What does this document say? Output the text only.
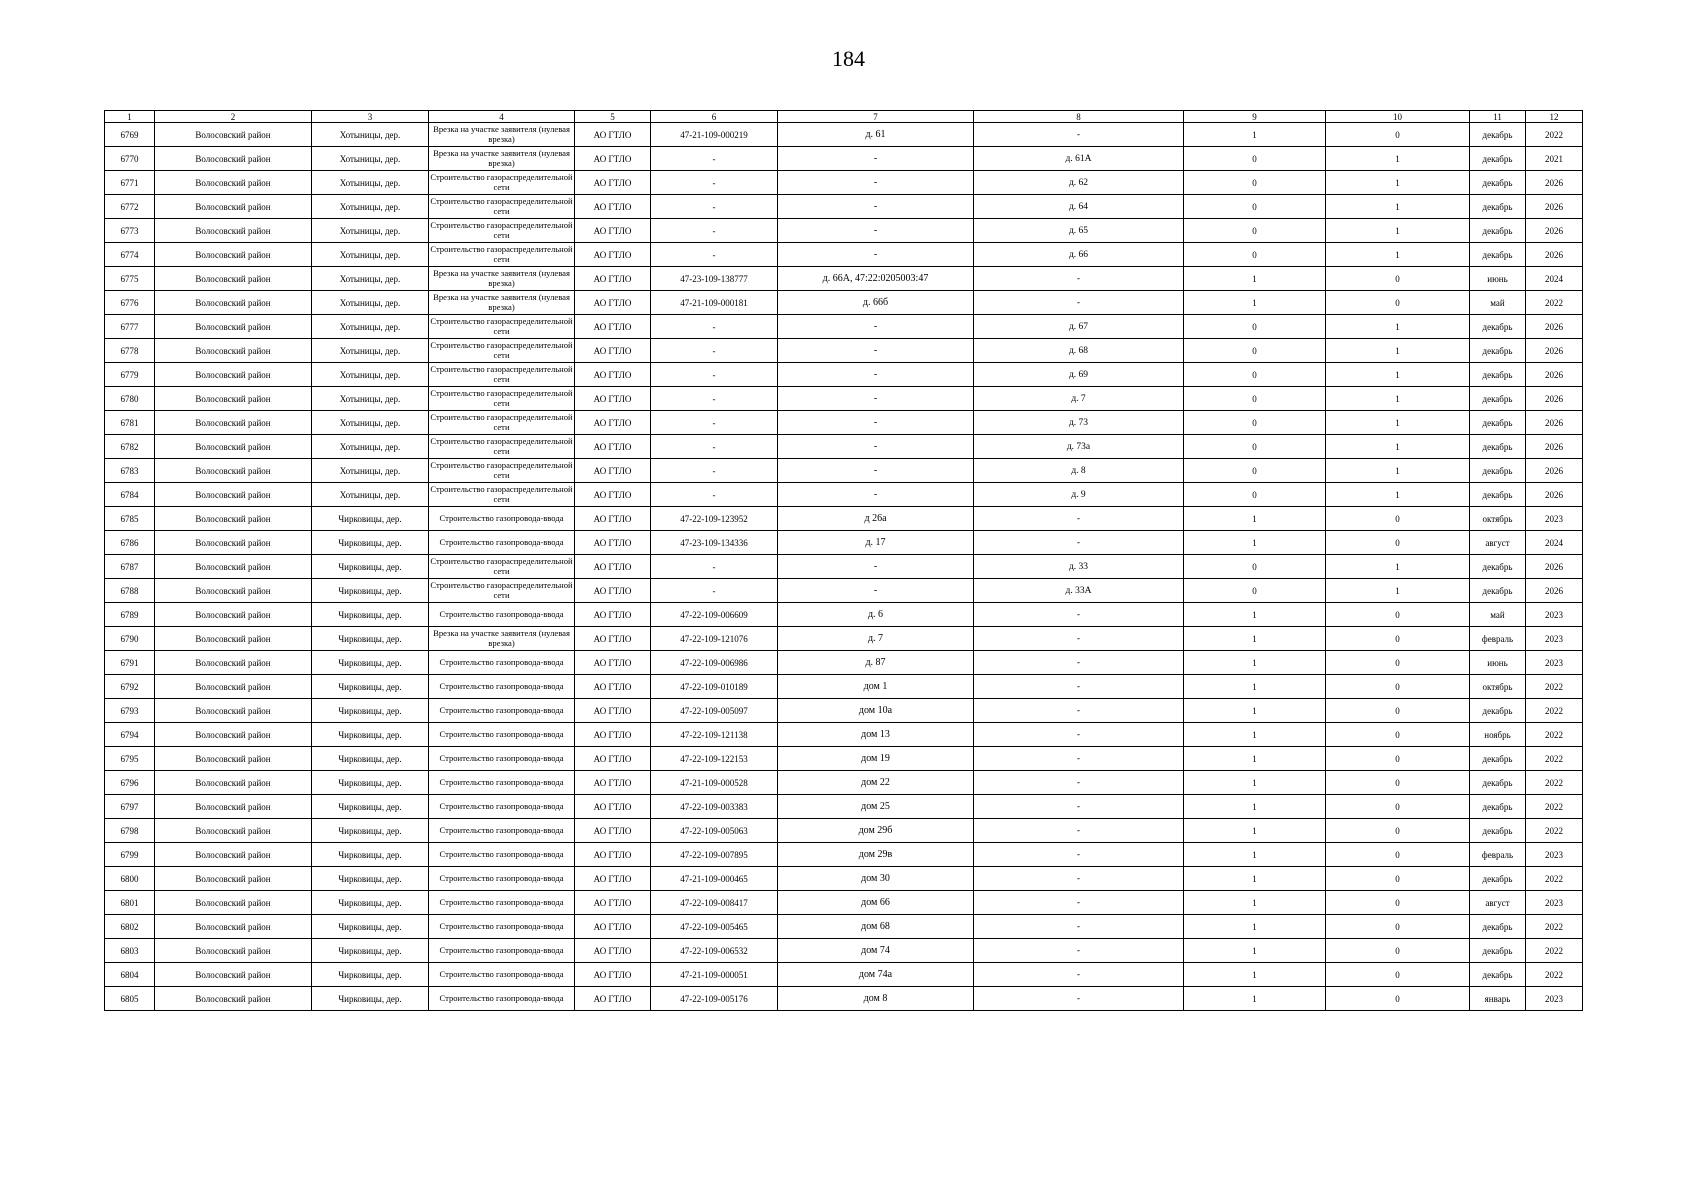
184
1	2	3	4	5	6	7	8	9	10	11	12
6769	Волосовский район	Хотыницы, дер.	Врезка на участке заявителя (нулевая врезка)	АО ГТЛО	47-21-109-000219	д. 61	-	1	0	декабрь	2022
6770	Волосовский район	Хотыницы, дер.	Врезка на участке заявителя (нулевая врезка)	АО ГТЛО	-	-	д. 61А	0	1	декабрь	2021
6771	Волосовский район	Хотыницы, дер.	Строительство газораспределительной сети	АО ГТЛО	-	-	д. 62	0	1	декабрь	2026
6772	Волосовский район	Хотыницы, дер.	Строительство газораспределительной сети	АО ГТЛО	-	-	д. 64	0	1	декабрь	2026
6773	Волосовский район	Хотыницы, дер.	Строительство газораспределительной сети	АО ГТЛО	-	-	д. 65	0	1	декабрь	2026
6774	Волосовский район	Хотыницы, дер.	Строительство газораспределительной сети	АО ГТЛО	-	-	д. 66	0	1	декабрь	2026
6775	Волосовский район	Хотыницы, дер.	Врезка на участке заявителя (нулевая врезка)	АО ГТЛО	47-23-109-138777	д. 66А, 47:22:0205003:47	-	1	0	июнь	2024
6776	Волосовский район	Хотыницы, дер.	Врезка на участке заявителя (нулевая врезка)	АО ГТЛО	47-21-109-000181	д. 66б	-	1	0	май	2022
6777	Волосовский район	Хотыницы, дер.	Строительство газораспределительной сети	АО ГТЛО	-	-	д. 67	0	1	декабрь	2026
6778	Волосовский район	Хотыницы, дер.	Строительство газораспределительной сети	АО ГТЛО	-	-	д. 68	0	1	декабрь	2026
6779	Волосовский район	Хотыницы, дер.	Строительство газораспределительной сети	АО ГТЛО	-	-	д. 69	0	1	декабрь	2026
6780	Волосовский район	Хотыницы, дер.	Строительство газораспределительной сети	АО ГТЛО	-	-	д. 7	0	1	декабрь	2026
6781	Волосовский район	Хотыницы, дер.	Строительство газораспределительной сети	АО ГТЛО	-	-	д. 73	0	1	декабрь	2026
6782	Волосовский район	Хотыницы, дер.	Строительство газораспределительной сети	АО ГТЛО	-	-	д. 73а	0	1	декабрь	2026
6783	Волосовский район	Хотыницы, дер.	Строительство газораспределительной сети	АО ГТЛО	-	-	д. 8	0	1	декабрь	2026
6784	Волосовский район	Хотыницы, дер.	Строительство газораспределительной сети	АО ГТЛО	-	-	д. 9	0	1	декабрь	2026
6785	Волосовский район	Чирковицы, дер.	Строительство газопровода-ввода	АО ГТЛО	47-22-109-123952	д 26а	-	1	0	октябрь	2023
6786	Волосовский район	Чирковицы, дер.	Строительство газопровода-ввода	АО ГТЛО	47-23-109-134336	д. 17	-	1	0	август	2024
6787	Волосовский район	Чирковицы, дер.	Строительство газораспределительной сети	АО ГТЛО	-	-	д. 33	0	1	декабрь	2026
6788	Волосовский район	Чирковицы, дер.	Строительство газораспределительной сети	АО ГТЛО	-	-	д. 33А	0	1	декабрь	2026
6789	Волосовский район	Чирковицы, дер.	Строительство газопровода-ввода	АО ГТЛО	47-22-109-006609	д. 6	-	1	0	май	2023
6790	Волосовский район	Чирковицы, дер.	Врезка на участке заявителя (нулевая врезка)	АО ГТЛО	47-22-109-121076	д. 7	-	1	0	февраль	2023
6791	Волосовский район	Чирковицы, дер.	Строительство газопровода-ввода	АО ГТЛО	47-22-109-006986	д. 87	-	1	0	июнь	2023
6792	Волосовский район	Чирковицы, дер.	Строительство газопровода-ввода	АО ГТЛО	47-22-109-010189	дом 1	-	1	0	октябрь	2022
6793	Волосовский район	Чирковицы, дер.	Строительство газопровода-ввода	АО ГТЛО	47-22-109-005097	дом 10а	-	1	0	декабрь	2022
6794	Волосовский район	Чирковицы, дер.	Строительство газопровода-ввода	АО ГТЛО	47-22-109-121138	дом 13	-	1	0	ноябрь	2022
6795	Волосовский район	Чирковицы, дер.	Строительство газопровода-ввода	АО ГТЛО	47-22-109-122153	дом 19	-	1	0	декабрь	2022
6796	Волосовский район	Чирковицы, дер.	Строительство газопровода-ввода	АО ГТЛО	47-21-109-000528	дом 22	-	1	0	декабрь	2022
6797	Волосовский район	Чирковицы, дер.	Строительство газопровода-ввода	АО ГТЛО	47-22-109-003383	дом 25	-	1	0	декабрь	2022
6798	Волосовский район	Чирковицы, дер.	Строительство газопровода-ввода	АО ГТЛО	47-22-109-005063	дом 29б	-	1	0	декабрь	2022
6799	Волосовский район	Чирковицы, дер.	Строительство газопровода-ввода	АО ГТЛО	47-22-109-007895	дом 29в	-	1	0	февраль	2023
6800	Волосовский район	Чирковицы, дер.	Строительство газопровода-ввода	АО ГТЛО	47-21-109-000465	дом 30	-	1	0	декабрь	2022
6801	Волосовский район	Чирковицы, дер.	Строительство газопровода-ввода	АО ГТЛО	47-22-109-008417	дом 66	-	1	0	август	2023
6802	Волосовский район	Чирковицы, дер.	Строительство газопровода-ввода	АО ГТЛО	47-22-109-005465	дом 68	-	1	0	декабрь	2022
6803	Волосовский район	Чирковицы, дер.	Строительство газопровода-ввода	АО ГТЛО	47-22-109-006532	дом 74	-	1	0	декабрь	2022
6804	Волосовский район	Чирковицы, дер.	Строительство газопровода-ввода	АО ГТЛО	47-21-109-000051	дом 74а	-	1	0	декабрь	2022
6805	Волосовский район	Чирковицы, дер.	Строительство газопровода-ввода	АО ГТЛО	47-22-109-005176	дом 8	-	1	0	январь	2023
